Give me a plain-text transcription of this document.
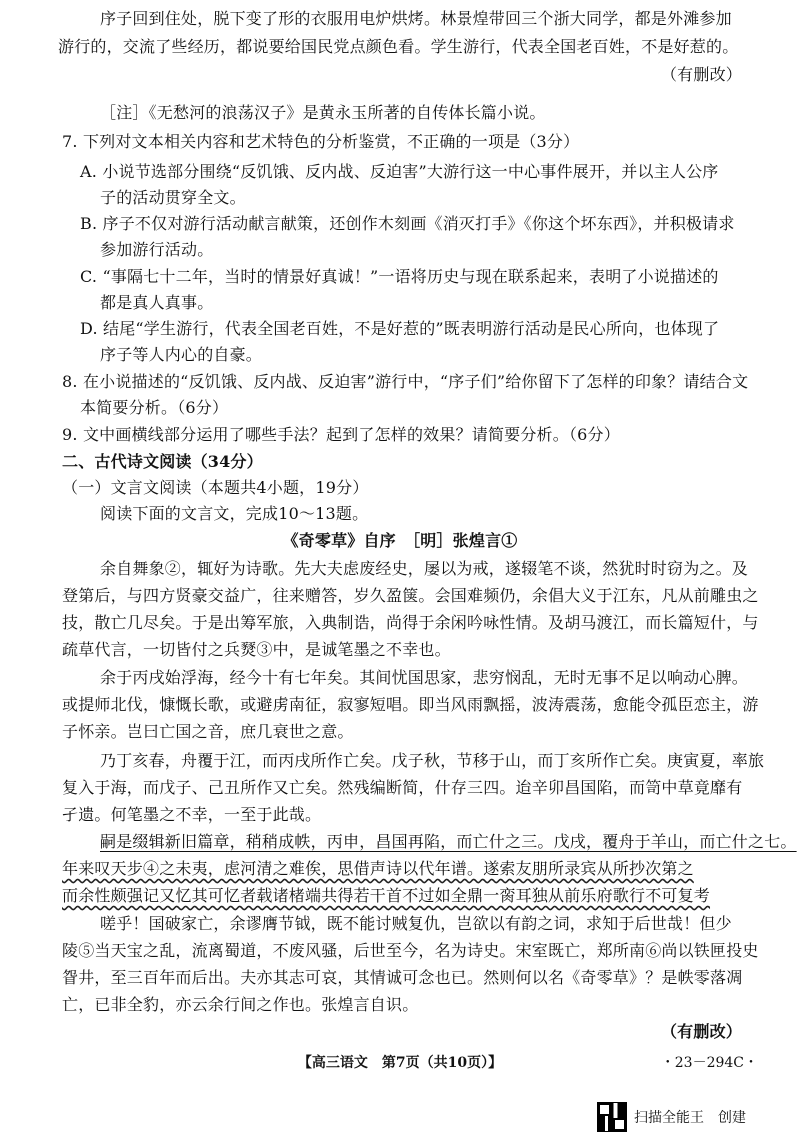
序子回到住处，脱下变了形的衣服用电炉烘烤。林景煌带回三个浙大同学，都是外滩参加
游行的，交流了些经历，都说要给国民党点颜色看。学生游行，代表全国老百姓，不是好惹的。
（有删改）
［注］《无愁河的浪荡汉子》是黄永玉所著的自传体长篇小说。
7. 下列对文本相关内容和艺术特色的分析鉴赏，不正确的一项是（3分）
A. 小说节选部分围绕“反饥饿、反内战、反迫害”大游行这一中心事件展开，并以主人公序
子的活动贯穿全文。
B. 序子不仅对游行活动献言献策，还创作木刻画《消灭打手》《你这个坏东西》，并积极请求
参加游行活动。
C. “事隔七十二年，当时的情景好真诚！”一语将历史与现在联系起来，表明了小说描述的
都是真人真事。
D. 结尾“学生游行，代表全国老百姓，不是好惹的”既表明游行活动是民心所向，也体现了
序子等人内心的自豪。
8. 在小说描述的“反饥饿、反内战、反迫害”游行中，“序子们”给你留下了怎样的印象？请结合文
本简要分析。（6分）
9. 文中画横线部分运用了哪些手法？起到了怎样的效果？请简要分析。（6分）
二、古代诗文阅读（34分）
（一）文言文阅读（本题共4小题，19分）
阅读下面的文言文，完成10～13题。
《奇零草》自序　［明］张煌言①
余自舞象②，辄好为诗歌。先大夫虑废经史，屡以为戒，遂辍笔不谈，然犹时时窃为之。及
登第后，与四方贤豪交益广，往来赠答，岁久盈箧。会国难频仍，余倡大义于江东，凡从前雕虫之
技，散亡几尽矣。于是出筹军旅，入典制诰，尚得于余闲吟咏性情。及胡马渡江，而长篇短什，与
疏草代言，一切皆付之兵燹③中，是诚笔墨之不幸也。
余于丙戌始浮海，经今十有七年矣。其间忧国思家，悲穷悯乱，无时无事不足以响动心脾。
或提师北伐，慷慨长歌，或避虏南征，寂寥短唱。即当风雨飘摇，波涛震荡，愈能令孤臣恋主，游
子怀亲。岂曰亡国之音，庶几衰世之意。
乃丁亥春，舟覆于江，而丙戌所作亡矣。戊子秋，节移于山，而丁亥所作亡矣。庚寅夏，率旅
复入于海，而戊子、己丑所作又亡矣。然残编断简，什存三四。迨辛卯昌国陷，而笥中草竟靡有
孑遗。何笔墨之不幸，一至于此哉。
嗣是缀辑新旧篇章，稍稍成帙，丙申，昌国再陷，而亡什之三。戊戌，覆舟于羊山，而亡什之七。
年来叹天步④之未夷，虑河清之难俟，思借声诗以代年谱。遂索友朋所录宾从所抄次第之
而余性颇强记又忆其可忆者载诸楮端共得若干首不过如全鼎一脔耳独从前乐府歌行不可复考
嗟乎！国破家亡，余谬膺节钺，既不能讨贼复仇，岂欲以有韵之词，求知于后世哉！但少
陵⑤当天宝之乱，流离蜀道，不废风骚，后世至今，名为诗史。宋室既亡，郑所南⑥尚以铁匣投史
眢井，至三百年而后出。夫亦其志可哀，其情诚可念也已。然则何以名《奇零草》？是帙零落凋
亡，已非全豹，亦云余行间之作也。张煌言自识。
（有删改）
【高三语文　第7页（共10页）】	・23－294C・
扫描全能王　创建
